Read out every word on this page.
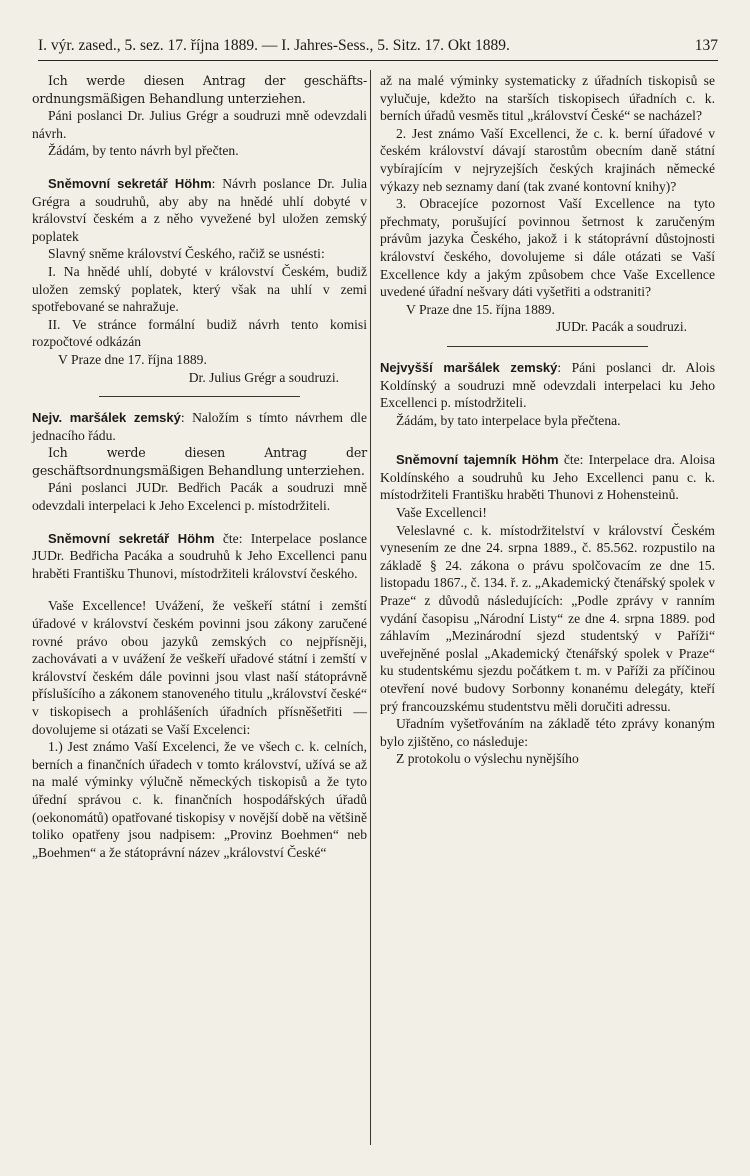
I. výr. zased., 5. sez. 17. října 1889. — I. Jahres-Sess., 5. Sitz. 17. Okt 1889.	137

Ich werde diesen Antrag der geschäfts-ordnungsmäßigen Behandlung unterziehen.

Páni poslanci Dr. Julius Grégr a soudruzi mně odevzdali návrh.

Žádám, by tento návrh byl přečten.

Sněmovní sekretář Höhm: Návrh poslance Dr. Julia Grégra a soudruhů, aby aby na hnědé uhlí dobyté v království českém a z něho vyvežené byl uložen zemský poplatek

Slavný sněme království Českého, račiž se usnésti:

I. Na hnědé uhlí, dobyté v království Českém, budiž uložen zemský poplatek, který však na uhlí v zemi spotřebované se nahražuje.

II. Ve stránce formální budiž návrh tento komisi rozpočtové odkázán

V Praze dne 17. října 1889.

Dr. Julius Grégr a soudruzi.

Nejv. maršálek zemský: Naložím s tímto návrhem dle jednacího řádu.

Ich werde diesen Antrag der geschäftsordnungsmäßigen Behandlung unterziehen.

Páni poslanci JUDr. Bedřich Pacák a soudruzi mně odevzdali interpelaci k Jeho Excelenci p. místodržiteli.

Sněmovní sekretář Höhm čte: Interpelace poslance JUDr. Bedřicha Pacáka a soudruhů k Jeho Excellenci panu hraběti Františku Thunovi, místodržiteli království českého.

Vaše Excellence! Uvážení, že veškeří státní i zemští úřadové v království českém povinni jsou zákony zaručené rovné právo obou jazyků zemských co nejpřísněji, zachovávati a v uvážení že veškeří uřadové státní i zemští v království českém dále povinni jsou vlast naší státoprávně příslušícího a zákonem stanoveného titulu „království české“ v tiskopisech a prohlášeních úřadních přísněšetřiti — dovolujeme si otázati se Vaší Excelenci:

1.) Jest známo Vaší Excelenci, že ve všech c. k. celních, berních a finančních úřadech v tomto království, užívá se až na malé výminky výlučně německých tiskopisů a že tyto úřední správou c. k. finančních hospodářských úřadů (oekonomátů) opatřované tiskopisy v novější době na většině toliko opatřeny jsou nadpisem: „Provinz Boehmen“ neb „Boehmen“ a že státoprávní název „království České“

až na malé výminky systematicky z úřadních tiskopisů se vylučuje, kdežto na starších tiskopisech úřadních c. k. berních úřadů vesměs titul „království České“ se nacházel?

2. Jest známo Vaší Excellenci, že c. k. berní úřadové v českém království dávají starostům obecním daně státní vybírajícím v nejryzejších českých krajinách německé výkazy neb seznamy daní (tak zvané kontovní knihy)?

3. Obracejíce pozornost Vaší Excellence na tyto přechmaty, porušující povinnou šetrnost k zaručeným právům jazyka Českého, jakož i k státoprávní důstojnosti království českého, dovolujeme si dále otázati se Vaší Excellence kdy a jakým způsobem chce Vaše Excellence uvedené úřadní nešvary dáti vyšetřiti a odstraniti?

V Praze dne 15. října 1889.

JUDr. Pacák a soudruzi.

Nejvyšší maršálek zemský: Páni poslanci dr. Alois Koldínský a soudruzi mně odevzdali interpelaci ku Jeho Excellenci p. místodržiteli.

Žádám, by tato interpelace byla přečtena.

Sněmovní tajemník Höhm čte: Interpelace dra. Aloisa Koldínského a soudruhů ku Jeho Excellenci panu c. k. místodržiteli Františku hraběti Thunovi z Hohensteinů.

Vaše Excellenci!

Veleslavné c. k. místodržitelství v království Českém vynesením ze dne 24. srpna 1889., č. 85.562. rozpustilo na základě § 24. zákona o právu spolčovacím ze dne 15. listopadu 1867., č. 134. ř. z. „Akademický čtenářský spolek v Praze“ z důvodů následujících: „Podle zprávy v ranním vydání časopisu „Národní Listy“ ze dne 4. srpna 1889. pod záhlavím „Mezinárodní sjezd studentský v Paříži“ uveřejněné poslal „Akademický čtenářský spolek v Praze“ ku studentskému sjezdu počátkem t. m. v Paříži za příčinou otevření nové budovy Sorbonny konanému delegáty, kteří prý francouzskému studentstvu měli doručiti adressu.

Uřadním vyšetřováním na základě této zprávy konaným bylo zjištěno, co následuje:

Z protokolu o výslechu nynějšího
